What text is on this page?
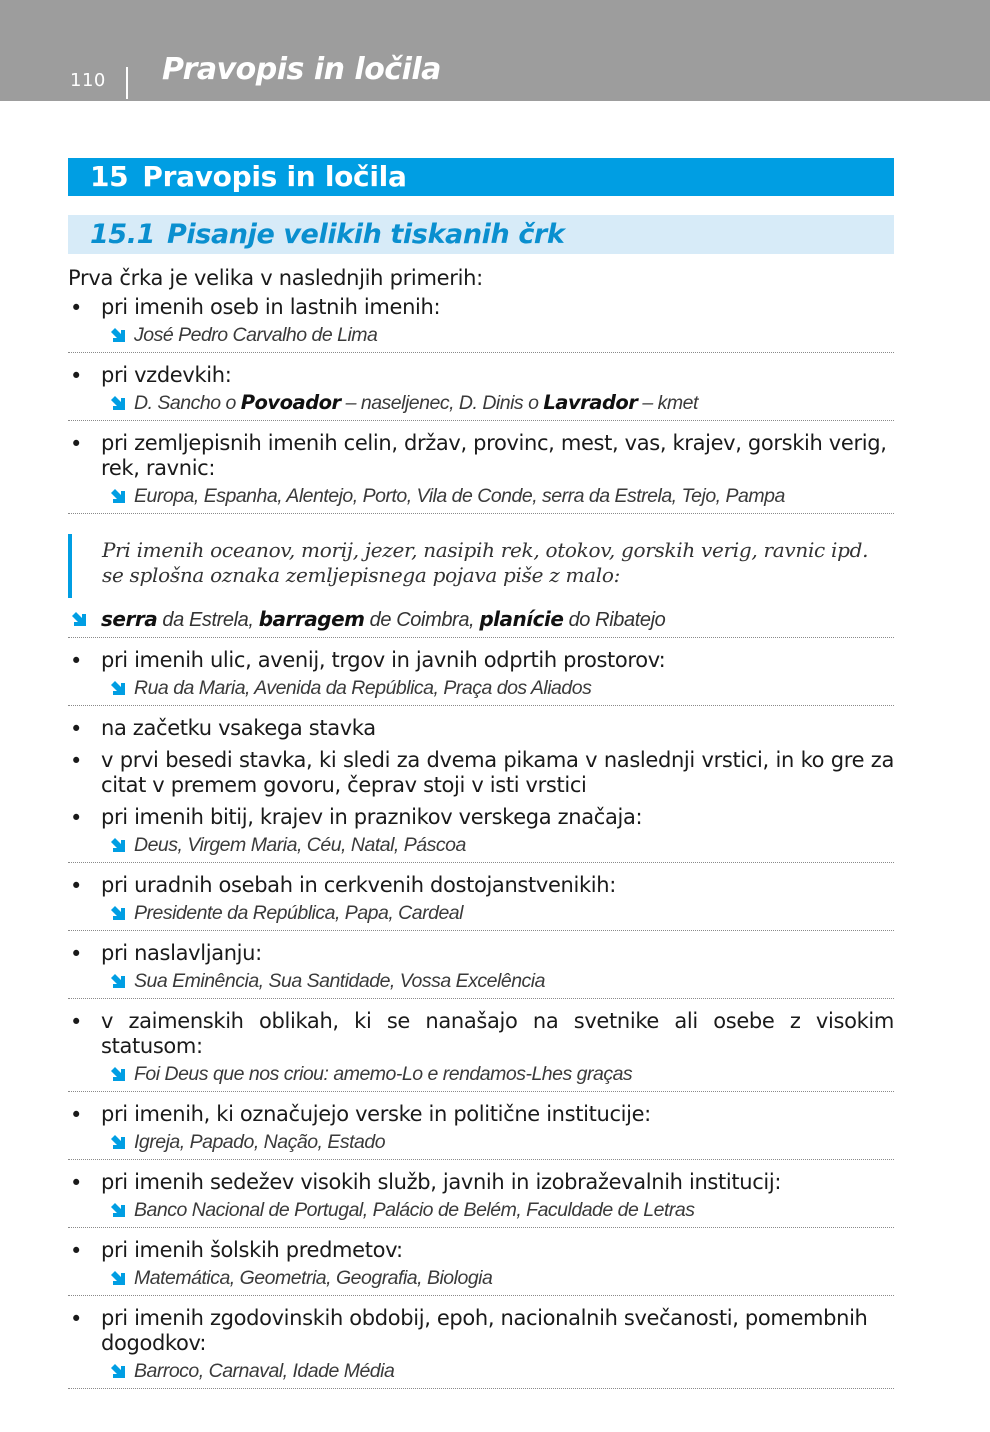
110 Pravopis in ločila
15 Pravopis in ločila
15.1 Pisanje velikih tiskanih črk

Prva črka je velika v naslednjih primerih:

• pri imenih oseb in lastnih imenih:
José Pedro Carvalho de Lima
• pri vzdevkih:
D. Sancho o Povoador – naseljenec, D. Dinis o Lavrador – kmet
• pri zemljepisnih imenih celin, držav, provinc, mest, vas, krajev, gorskih verig, rek, ravnic:
Europa, Espanha, Alentejo, Porto, Vila de Conde, serra da Estrela, Tejo, Pampa
Pri imenih oceanov, morij, jezer, nasipih rek, otokov, gorskih verig, ravnic ipd. se splošna oznaka zemljepisnega pojava piše z malo:
serra da Estrela, barragem de Coimbra, planície do Ribatejo
• pri imenih ulic, avenij, trgov in javnih odprtih prostorov:
Rua da Maria, Avenida da República, Praça dos Aliados
• na začetku vsakega stavka
• v prvi besedi stavka, ki sledi za dvema pikama v naslednji vrstici, in ko gre za citat v premem govoru, čeprav stoji v isti vrstici
• pri imenih bitij, krajev in praznikov verskega značaja:
Deus, Virgem Maria, Céu, Natal, Páscoa
• pri uradnih osebah in cerkvenih dostojanstvenikih:
Presidente da República, Papa, Cardeal
• pri naslavljanju:
Sua Eminência, Sua Santidade, Vossa Excelência
• v zaimenskih oblikah, ki se nanašajo na svetnike ali osebe z visokim statusom:
Foi Deus que nos criou: amemo-Lo e rendamos-Lhes graças
• pri imenih, ki označujejo verske in politične institucije:
Igreja, Papado, Nação, Estado
• pri imenih sedežev visokih služb, javnih in izobraževalnih institucij:
Banco Nacional de Portugal, Palácio de Belém, Faculdade de Letras
• pri imenih šolskih predmetov:
Matemática, Geometria, Geografia, Biologia
• pri imenih zgodovinskih obdobij, epoh, nacionalnih svečanosti, pomembnih dogodkov:
Barroco, Carnaval, Idade Média
